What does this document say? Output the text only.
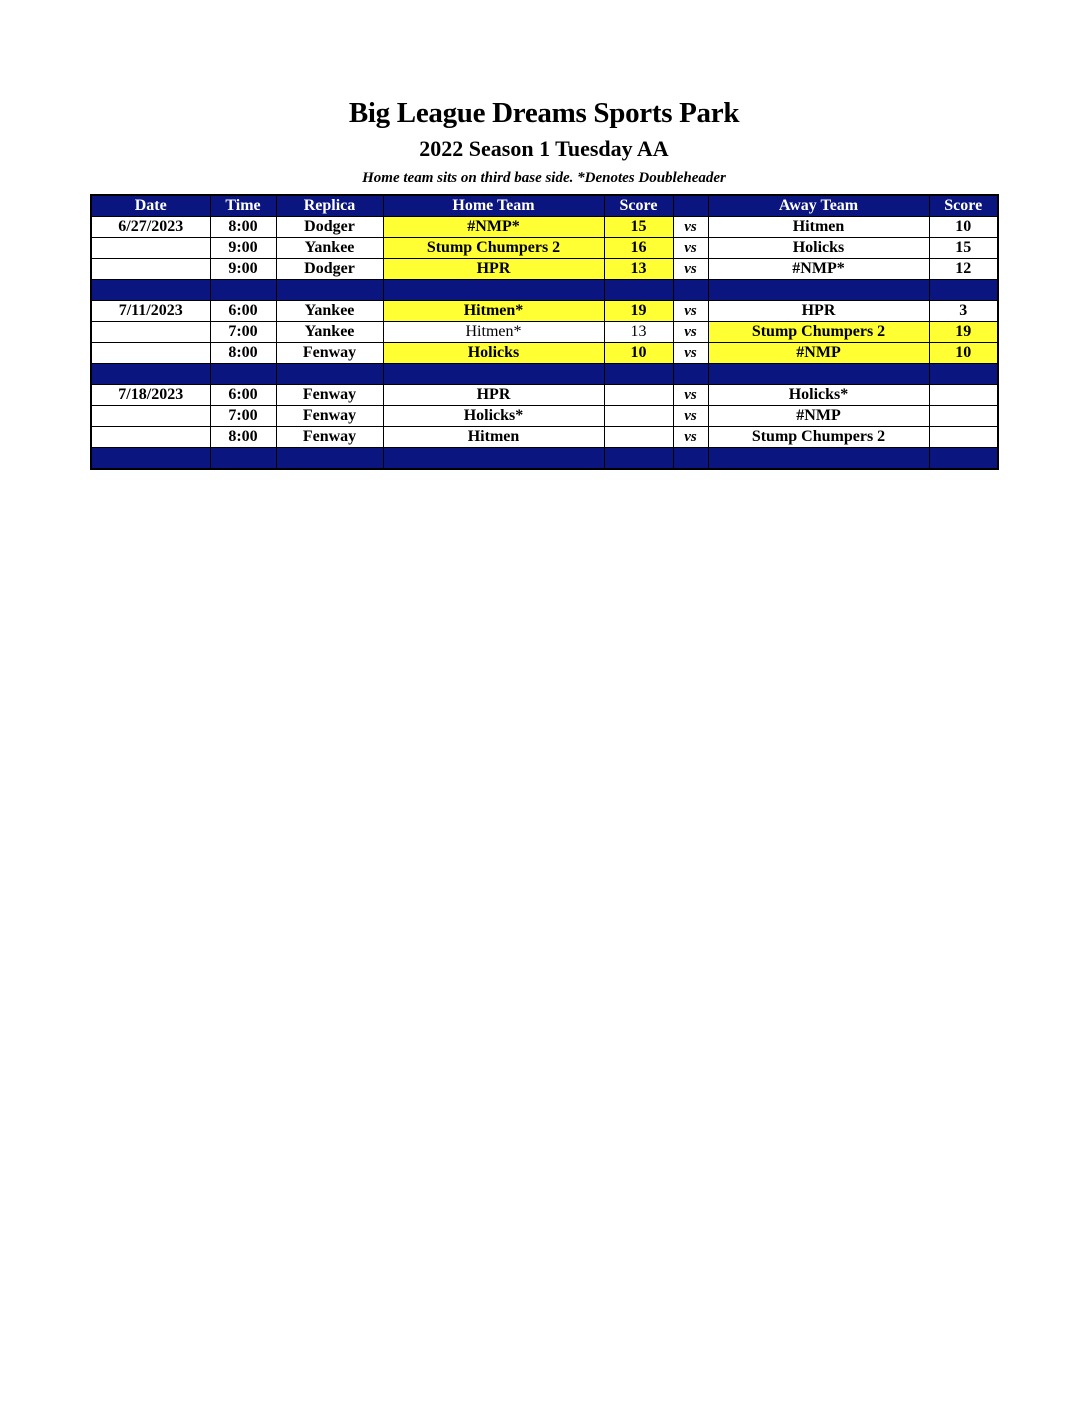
Big League Dreams Sports Park
2022 Season 1 Tuesday AA
Home team sits on third base side. *Denotes Doubleheader
Date	Time	Replica	Home Team	Score		Away Team	Score
6/27/2023	8:00	Dodger	#NMP*	15	vs	Hitmen	10
	9:00	Yankee	Stump Chumpers 2	16	vs	Holicks	15
	9:00	Dodger	HPR	13	vs	#NMP*	12

7/11/2023	6:00	Yankee	Hitmen*	19	vs	HPR	3
	7:00	Yankee	Hitmen*	13	vs	Stump Chumpers 2	19
	8:00	Fenway	Holicks	10	vs	#NMP	10

7/18/2023	6:00	Fenway	HPR		vs	Holicks*	
	7:00	Fenway	Holicks*		vs	#NMP	
	8:00	Fenway	Hitmen		vs	Stump Chumpers 2	
